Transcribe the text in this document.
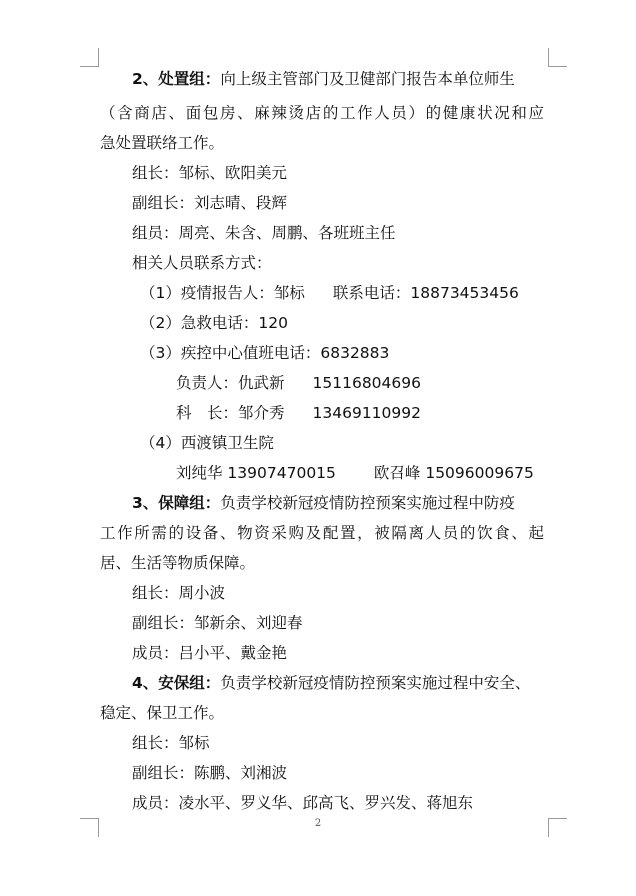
2、处置组：向上级主管部门及卫健部门报告本单位师生
（含商店、面包房、麻辣烫店的工作人员）的健康状况和应
急处置联络工作。
组长：邹标、欧阳美元
副组长：刘志晴、段辉
组员：周亮、朱含、周鹏、各班班主任
相关人员联系方式：
（1）疫情报告人：邹标 联系电话：18873453456
（2）急救电话：120
（3）疾控中心值班电话：6832883
负责人：仇武新 15116804696
科　长：邹介秀 13469110992
（4）西渡镇卫生院
刘纯华 13907470015 欧召峰 15096009675
3、保障组：负责学校新冠疫情防控预案实施过程中防疫
工作所需的设备、物资采购及配置，被隔离人员的饮食、起
居、生活等物质保障。
组长：周小波
副组长：邹新余、刘迎春
成员：吕小平、戴金艳
4、安保组：负责学校新冠疫情防控预案实施过程中安全、
稳定、保卫工作。
组长：邹标
副组长：陈鹏、刘湘波
成员：凌水平、罗义华、邱高飞、罗兴发、蒋旭东
2
